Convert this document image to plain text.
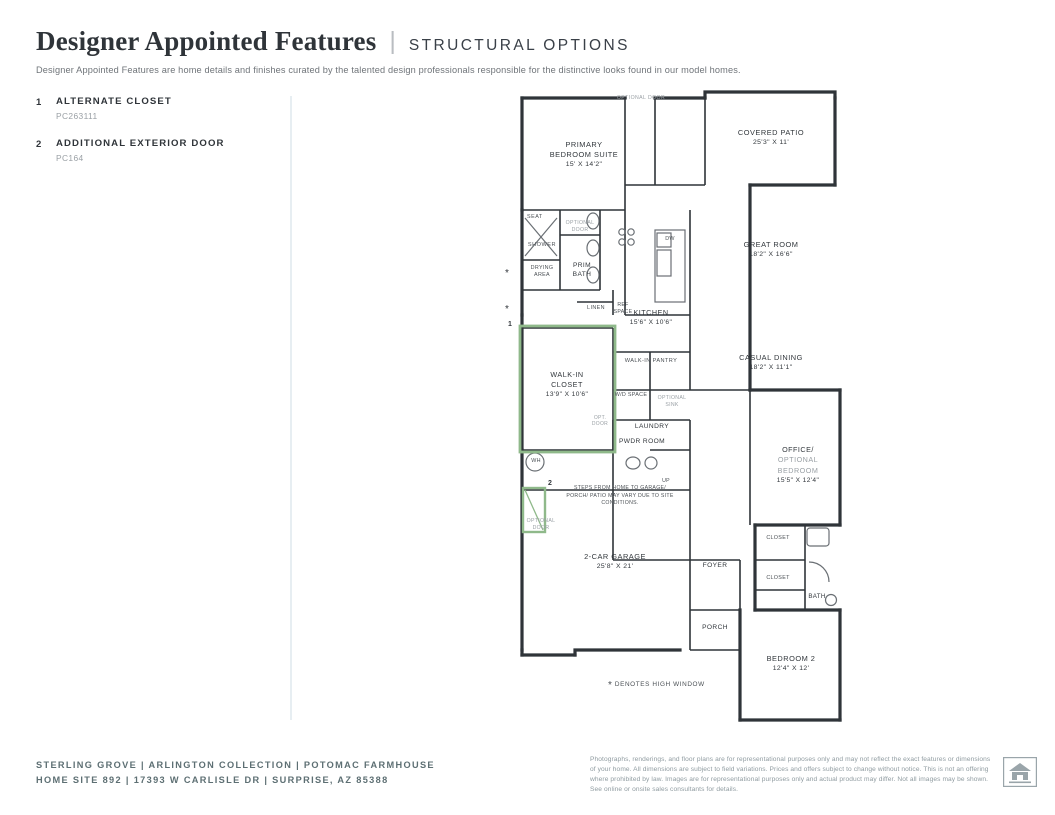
Designer Appointed Features | STRUCTURAL OPTIONS
Designer Appointed Features are home details and finishes curated by the talented design professionals responsible for the distinctive looks found in our model homes.
1	ALTERNATE CLOSET
PC263111
2	ADDITIONAL EXTERIOR DOOR
PC164
OPTIONAL DOOR
PRIMARY
BEDROOM SUITE
15' X 14'2"
COVERED PATIO
25'3" X 11'
GREAT ROOM
18'2" X 16'6"
KITCHEN
15'6" X 10'6"
CASUAL DINING
18'2" X 11'1"
WALK-IN
CLOSET
13'9" X 10'6"
OFFICE/
OPTIONAL
BEDROOM
15'5" X 12'4"
2-CAR GARAGE
25'8" X 21'
BEDROOM 2
12'4" X 12'
SEAT
SHOWER
OPTIONAL DOOR
DRYING AREA
PRIM BATH
LINEN	REF SPACE
DW
WALK-IN PANTRY
W/D SPACE	OPTIONAL SINK
LAUNDRY
PWDR ROOM
OPT. DOOR
WH
UP
OPTIONAL DOOR
FOYER
PORCH
CLOSET
CLOSET
BATH
STEPS FROM HOME TO GARAGE/ PORCH/ PATIO MAY VARY DUE TO SITE CONDITIONS.
1
2
*
*
* DENOTES HIGH WINDOW
STERLING GROVE | ARLINGTON COLLECTION | POTOMAC FARMHOUSE
HOME SITE 892 | 17393 W CARLISLE DR | SURPRISE, AZ 85388
Photographs, renderings, and floor plans are for representational purposes only and may not reflect the exact features or dimensions of your home. All dimensions are subject to field variations. Prices and offers subject to change without notice. This is not an offering where prohibited by law. Images are for representational purposes only and actual product may differ. Not all images may be shown. See online or onsite sales consultants for details.
